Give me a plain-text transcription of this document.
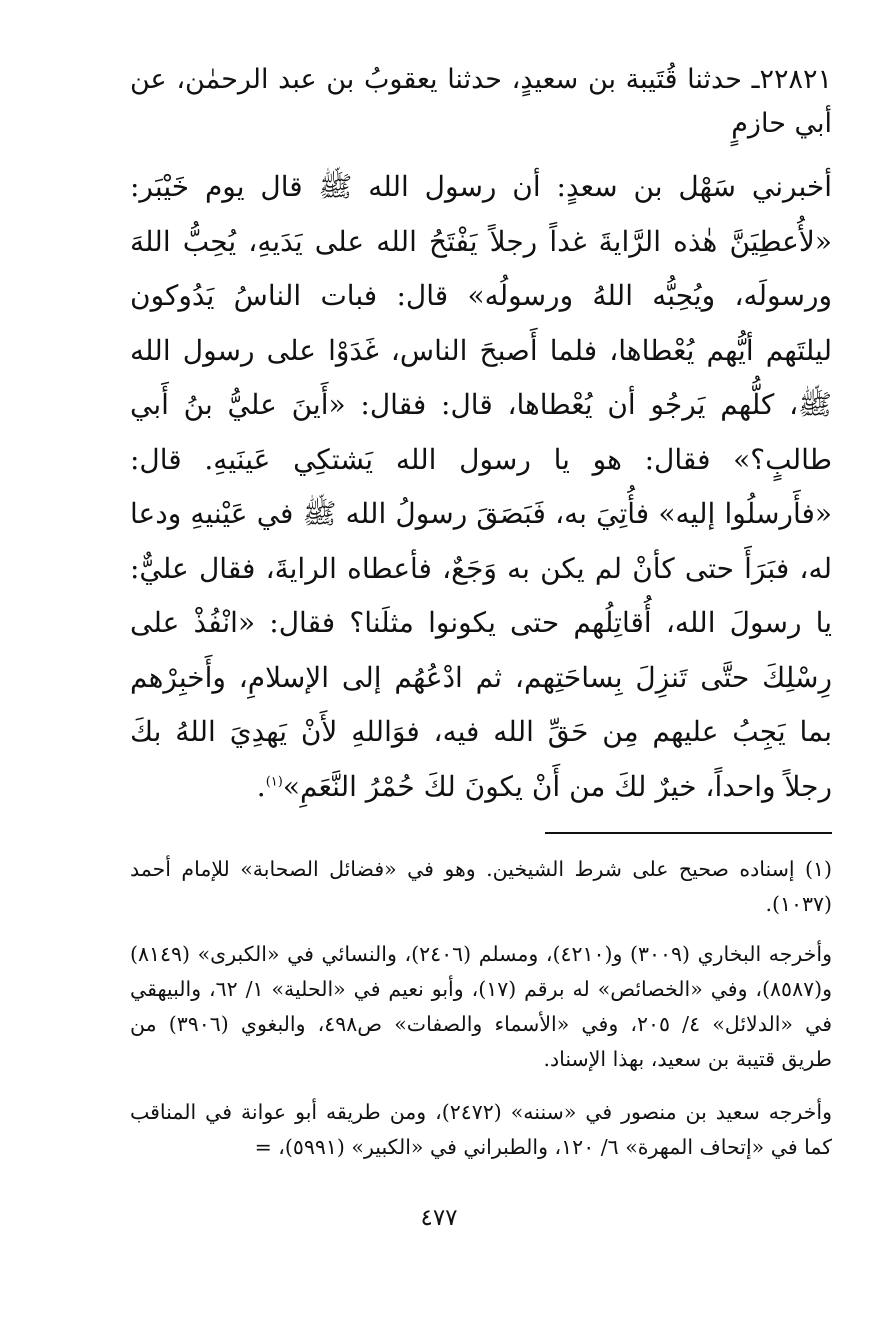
٢٢٨٢١ـ حدثنا قُتَيبة بن سعيدٍ، حدثنا يعقوبُ بن عبد الرحمٰن، عن أبي حازمٍ
أخبرني سَهْل بن سعدٍ: أن رسول الله ﷺ قال يوم خَيْبَر: «لأُعطِيَنَّ هٰذه الرَّايةَ غداً رجلاً يَفْتَحُ الله على يَدَيهِ، يُحِبُّ اللهَ ورسولَه، ويُحِبُّه اللهُ ورسولُه» قال: فبات الناسُ يَدُوكون ليلتَهم أيُّهم يُعْطاها، فلما أَصبحَ الناس، غَدَوْا على رسول الله ﷺ، كلُّهم يَرجُو أن يُعْطاها، قال: فقال: «أَينَ عليُّ بنُ أَبي طالبٍ؟» فقال: هو يا رسول الله يَشتكِي عَينَيهِ. قال: «فأَرسلُوا إليه» فأُتِيَ به، فَبَصَقَ رسولُ الله ﷺ في عَيْنيهِ ودعا له، فبَرَأَ حتى كأنْ لم يكن به وَجَعٌ، فأعطاه الرايةَ، فقال عليٌّ: يا رسولَ الله، أُقاتِلُهم حتى يكونوا مثلَنا؟ فقال: «انْفُذْ على رِسْلِكَ حتَّى تَنزِلَ بِساحَتِهم، ثم ادْعُهُم إلى الإسلامِ، وأَخبِرْهم بما يَجِبُ عليهم مِن حَقِّ الله فيه، فوَاللهِ لأَنْ يَهدِيَ اللهُ بكَ رجلاً واحداً، خيرٌ لكَ من أَنْ يكونَ لكَ حُمْرُ النَّعَمِ»$^{(١)}$.
(١) إسناده صحيح على شرط الشيخين. وهو في «فضائل الصحابة» للإمام أحمد (١٠٣٧).
وأخرجه البخاري (٣٠٠٩) و(٤٢١٠)، ومسلم (٢٤٠٦)، والنسائي في «الكبرى» (٨١٤٩) و(٨٥٨٧)، وفي «الخصائص» له برقم (١٧)، وأبو نعيم في «الحلية» ١/ ٦٢، والبيهقي في «الدلائل» ٤/ ٢٠٥، وفي «الأسماء والصفات» ص٤٩٨، والبغوي (٣٩٠٦) من طريق قتيبة بن سعيد، بهذا الإسناد.
وأخرجه سعيد بن منصور في «سننه» (٢٤٧٢)، ومن طريقه أبو عوانة في المناقب كما في «إتحاف المهرة» ٦/ ١٢٠، والطبراني في «الكبير» (٥٩٩١)، =
٤٧٧
